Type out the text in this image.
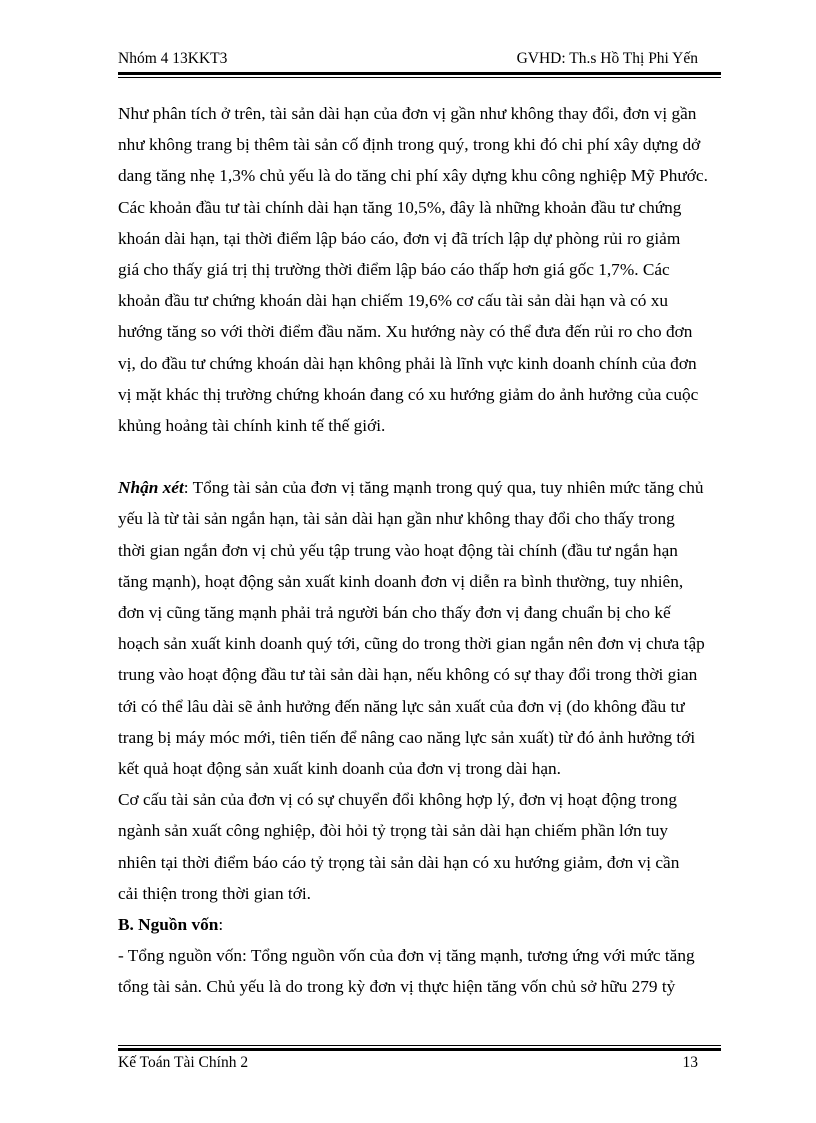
Nhóm 4 13KKT3	GVHD: Th.s Hồ Thị Phi Yến
Như phân tích ở trên, tài sản dài hạn của đơn vị gần như không thay đổi, đơn vị gần
như không trang bị thêm tài sản cố định trong quý, trong khi đó chi phí xây dựng dở
dang tăng nhẹ 1,3% chủ yếu là do tăng chi phí xây dựng khu công nghiệp Mỹ Phước.
Các khoản đầu tư tài chính dài hạn tăng 10,5%, đây là những khoản đầu tư chứng
khoán dài hạn, tại thời điểm lập báo cáo, đơn vị đã trích lập dự phòng rủi ro giảm
giá cho thấy giá trị thị trường thời điểm lập báo cáo thấp hơn giá gốc 1,7%. Các
khoản đầu tư chứng khoán dài hạn chiếm 19,6% cơ cấu tài sản dài hạn và có xu
hướng tăng so với thời điểm đầu năm. Xu hướng này có thể đưa đến rủi ro cho đơn
vị, do đầu tư chứng khoán dài hạn không phải là lĩnh vực kinh doanh chính của đơn
vị mặt khác thị trường chứng khoán đang có xu hướng giảm do ảnh hưởng của cuộc
khủng hoảng tài chính kinh tế thế giới.
Nhận xét: Tổng tài sản của đơn vị tăng mạnh trong quý qua, tuy nhiên mức tăng chủ
yếu là từ tài sản ngắn hạn, tài sản dài hạn gần như không thay đổi cho thấy trong
thời gian ngắn đơn vị chủ yếu tập trung vào hoạt động tài chính (đầu tư ngắn hạn
tăng mạnh), hoạt động sản xuất kinh doanh đơn vị diễn ra bình thường, tuy nhiên,
đơn vị cũng tăng mạnh phải trả người bán cho thấy đơn vị đang chuẩn bị cho kế
hoạch sản xuất kinh doanh quý tới, cũng do trong thời gian ngắn nên đơn vị chưa tập
trung vào hoạt động đầu tư tài sản dài hạn, nếu không có sự thay đổi trong thời gian
tới có thể lâu dài sẽ ảnh hưởng đến năng lực sản xuất của đơn vị (do không đầu tư
trang bị máy móc mới, tiên tiến để nâng cao năng lực sản xuất) từ đó ảnh hưởng tới
kết quả hoạt động sản xuất kinh doanh của đơn vị trong dài hạn.
Cơ cấu tài sản của đơn vị có sự chuyển đổi không hợp lý, đơn vị hoạt động trong
ngành sản xuất công nghiệp, đòi hỏi tỷ trọng tài sản dài hạn chiếm phần lớn tuy
nhiên tại thời điểm báo cáo tỷ trọng tài sản dài hạn có xu hướng giảm, đơn vị cần
cải thiện trong thời gian tới.
B. Nguồn vốn:
- Tổng nguồn vốn: Tổng nguồn vốn của đơn vị tăng mạnh, tương ứng với mức tăng
tổng tài sản. Chủ yếu là do trong kỳ đơn vị thực hiện tăng vốn chủ sở hữu 279 tỷ
Kế Toán Tài Chính 2	13
